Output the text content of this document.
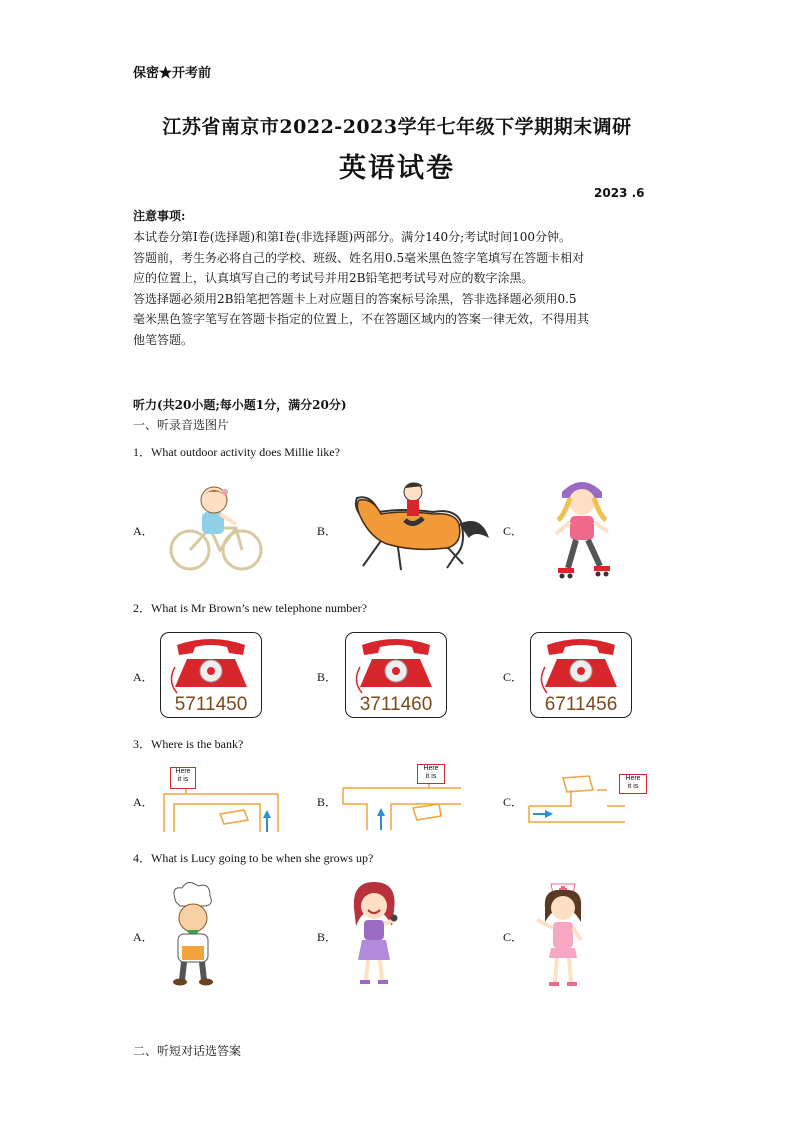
保密★开考前
江苏省南京市2022-2023学年七年级下学期期末调研
英语试卷
2023 .6
注意事项:

本试卷分第Ⅰ卷(选择题)和第Ⅰ卷(非选择题)两部分。满分140分;考试时间100分钟。

答题前，考生务必将自己的学校、班级、姓名用0.5毫米黑色签字笔填写在答题卡相对

应的位置上，认真填写自己的考试号并用2B铅笔把考试号对应的数字涂黑。

答选择题必须用2B铅笔把答题卡上对应题目的答案标号涂黑，答非选择题必须用0.5

毫米黑色签字笔写在答题卡指定的位置上，不在答题区域内的答案一律无效，不得用其

他笔答题。

听力(共20小题;每小题1分，满分20分)
一、听录音选图片
1．What outdoor activity does Millie like?
A．	B．	C．
2．What is Mr Brown’s new telephone number?
A．	B．	C．
5711450	3711460	6711456
3．Where is the bank?
A．	B．	C．
Here
it is
Here
it is	Here
it is
4．What is Lucy going to be when she grows up?
A．	B．	C．
二、听短对话选答案
